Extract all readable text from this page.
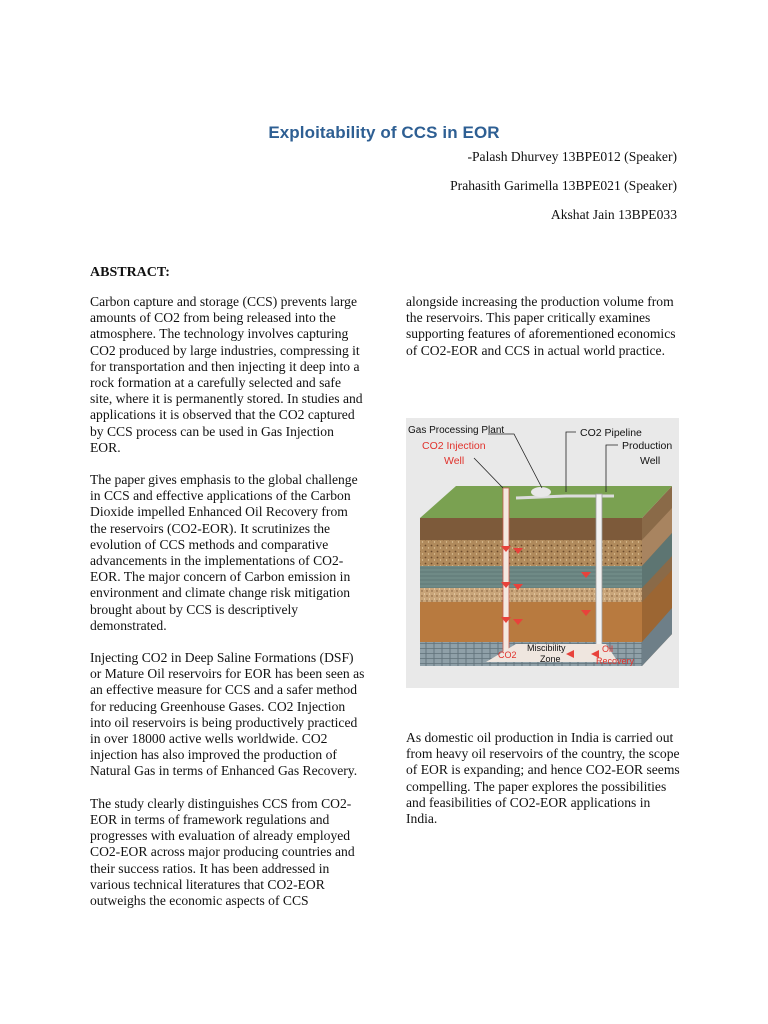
Exploitability of CCS in EOR
-Palash Dhurvey 13BPE012 (Speaker)
Prahasith Garimella 13BPE021 (Speaker)
Akshat Jain 13BPE033
ABSTRACT:

Carbon capture and storage (CCS) prevents large amounts of CO2 from being released into the atmosphere. The technology involves capturing CO2 produced by large industries, compressing it for transportation and then injecting it deep into a rock formation at a carefully selected and safe site, where it is permanently stored. In studies and applications it is observed that the CO2 captured by CCS process can be used in Gas Injection EOR.

The paper gives emphasis to the global challenge in CCS and effective applications of the Carbon Dioxide impelled Enhanced Oil Recovery from the reservoirs (CO2-EOR). It scrutinizes the evolution of CCS methods and comparative advancements in the implementations of CO2-EOR. The major concern of Carbon emission in environment and climate change risk mitigation brought about by CCS is descriptively demonstrated.

Injecting CO2 in Deep Saline Formations (DSF) or Mature Oil reservoirs for EOR has been seen as an effective measure for CCS and a safer method for reducing Greenhouse Gases. CO2 Injection into oil reservoirs is being productively practiced in over 18000 active wells worldwide. CO2 injection has also improved the production of Natural Gas in terms of Enhanced Gas Recovery.

The study clearly distinguishes CCS from CO2-EOR in terms of framework regulations and progresses with evaluation of already employed CO2-EOR across major producing countries and their success ratios. It has been addressed in various technical literatures that CO2-EOR outweighs the economic aspects of CCS

alongside increasing the production volume from the reservoirs. This paper critically examines supporting features of aforementioned economics of CO2-EOR and CCS in actual world practice.

Gas Processing Plant	CO2 Pipeline
Production
Well
CO2 Injection
Well
Miscibility
Zone
CO2
Oil
Recovery

As domestic oil production in India is carried out from heavy oil reservoirs of the country, the scope of EOR is expanding; and hence CO2-EOR seems compelling. The paper explores the possibilities and feasibilities of CO2-EOR applications in India.
